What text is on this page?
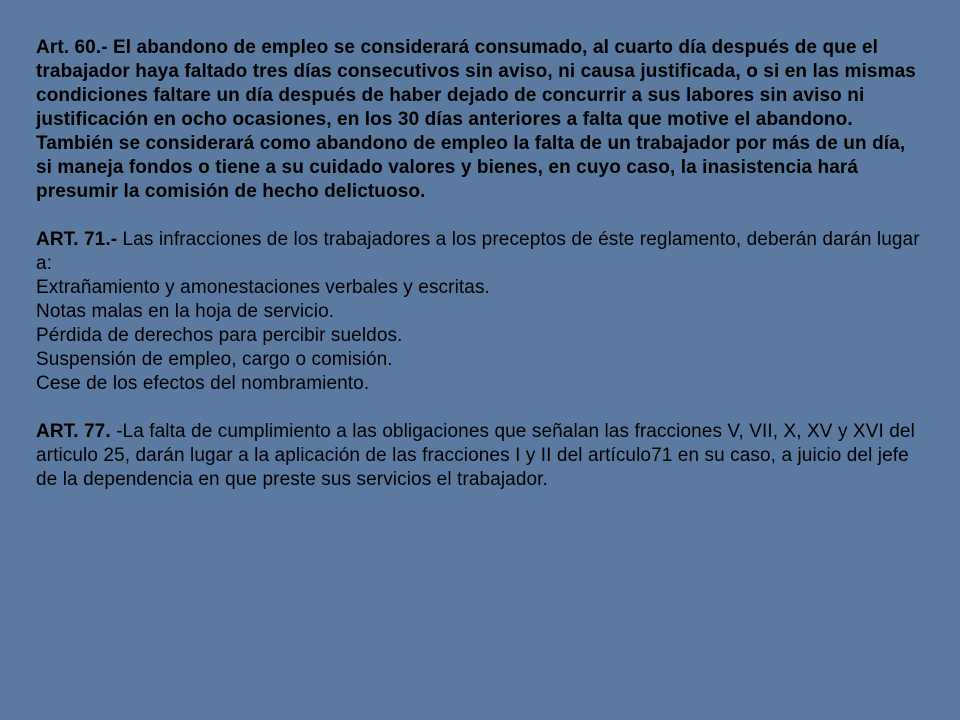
Art. 60.- El abandono de empleo se considerará consumado, al cuarto día después de que el trabajador haya faltado tres días consecutivos sin aviso, ni causa justificada, o si en las mismas condiciones faltare un día después de haber dejado de concurrir a sus labores sin aviso ni justificación en ocho ocasiones, en los 30 días anteriores a falta que motive el abandono. También se considerará como abandono de empleo la falta de un trabajador por más de un día, si maneja fondos o tiene a su cuidado valores y bienes, en cuyo caso, la inasistencia hará presumir la comisión de hecho delictuoso.

ART. 71.- Las infracciones de los trabajadores a los preceptos de éste reglamento, deberán darán lugar a:
Extrañamiento y amonestaciones verbales y escritas.
Notas malas en la hoja de servicio.
Pérdida de derechos para percibir sueldos.
Suspensión de empleo, cargo o comisión.
Cese de los efectos del nombramiento.

ART. 77. -La falta de cumplimiento a las obligaciones que señalan las fracciones V, VII, X, XV y XVI del articulo 25, darán lugar a la aplicación de las fracciones I y II del artículo71 en su caso, a juicio del jefe de la dependencia en que preste sus servicios el trabajador.
